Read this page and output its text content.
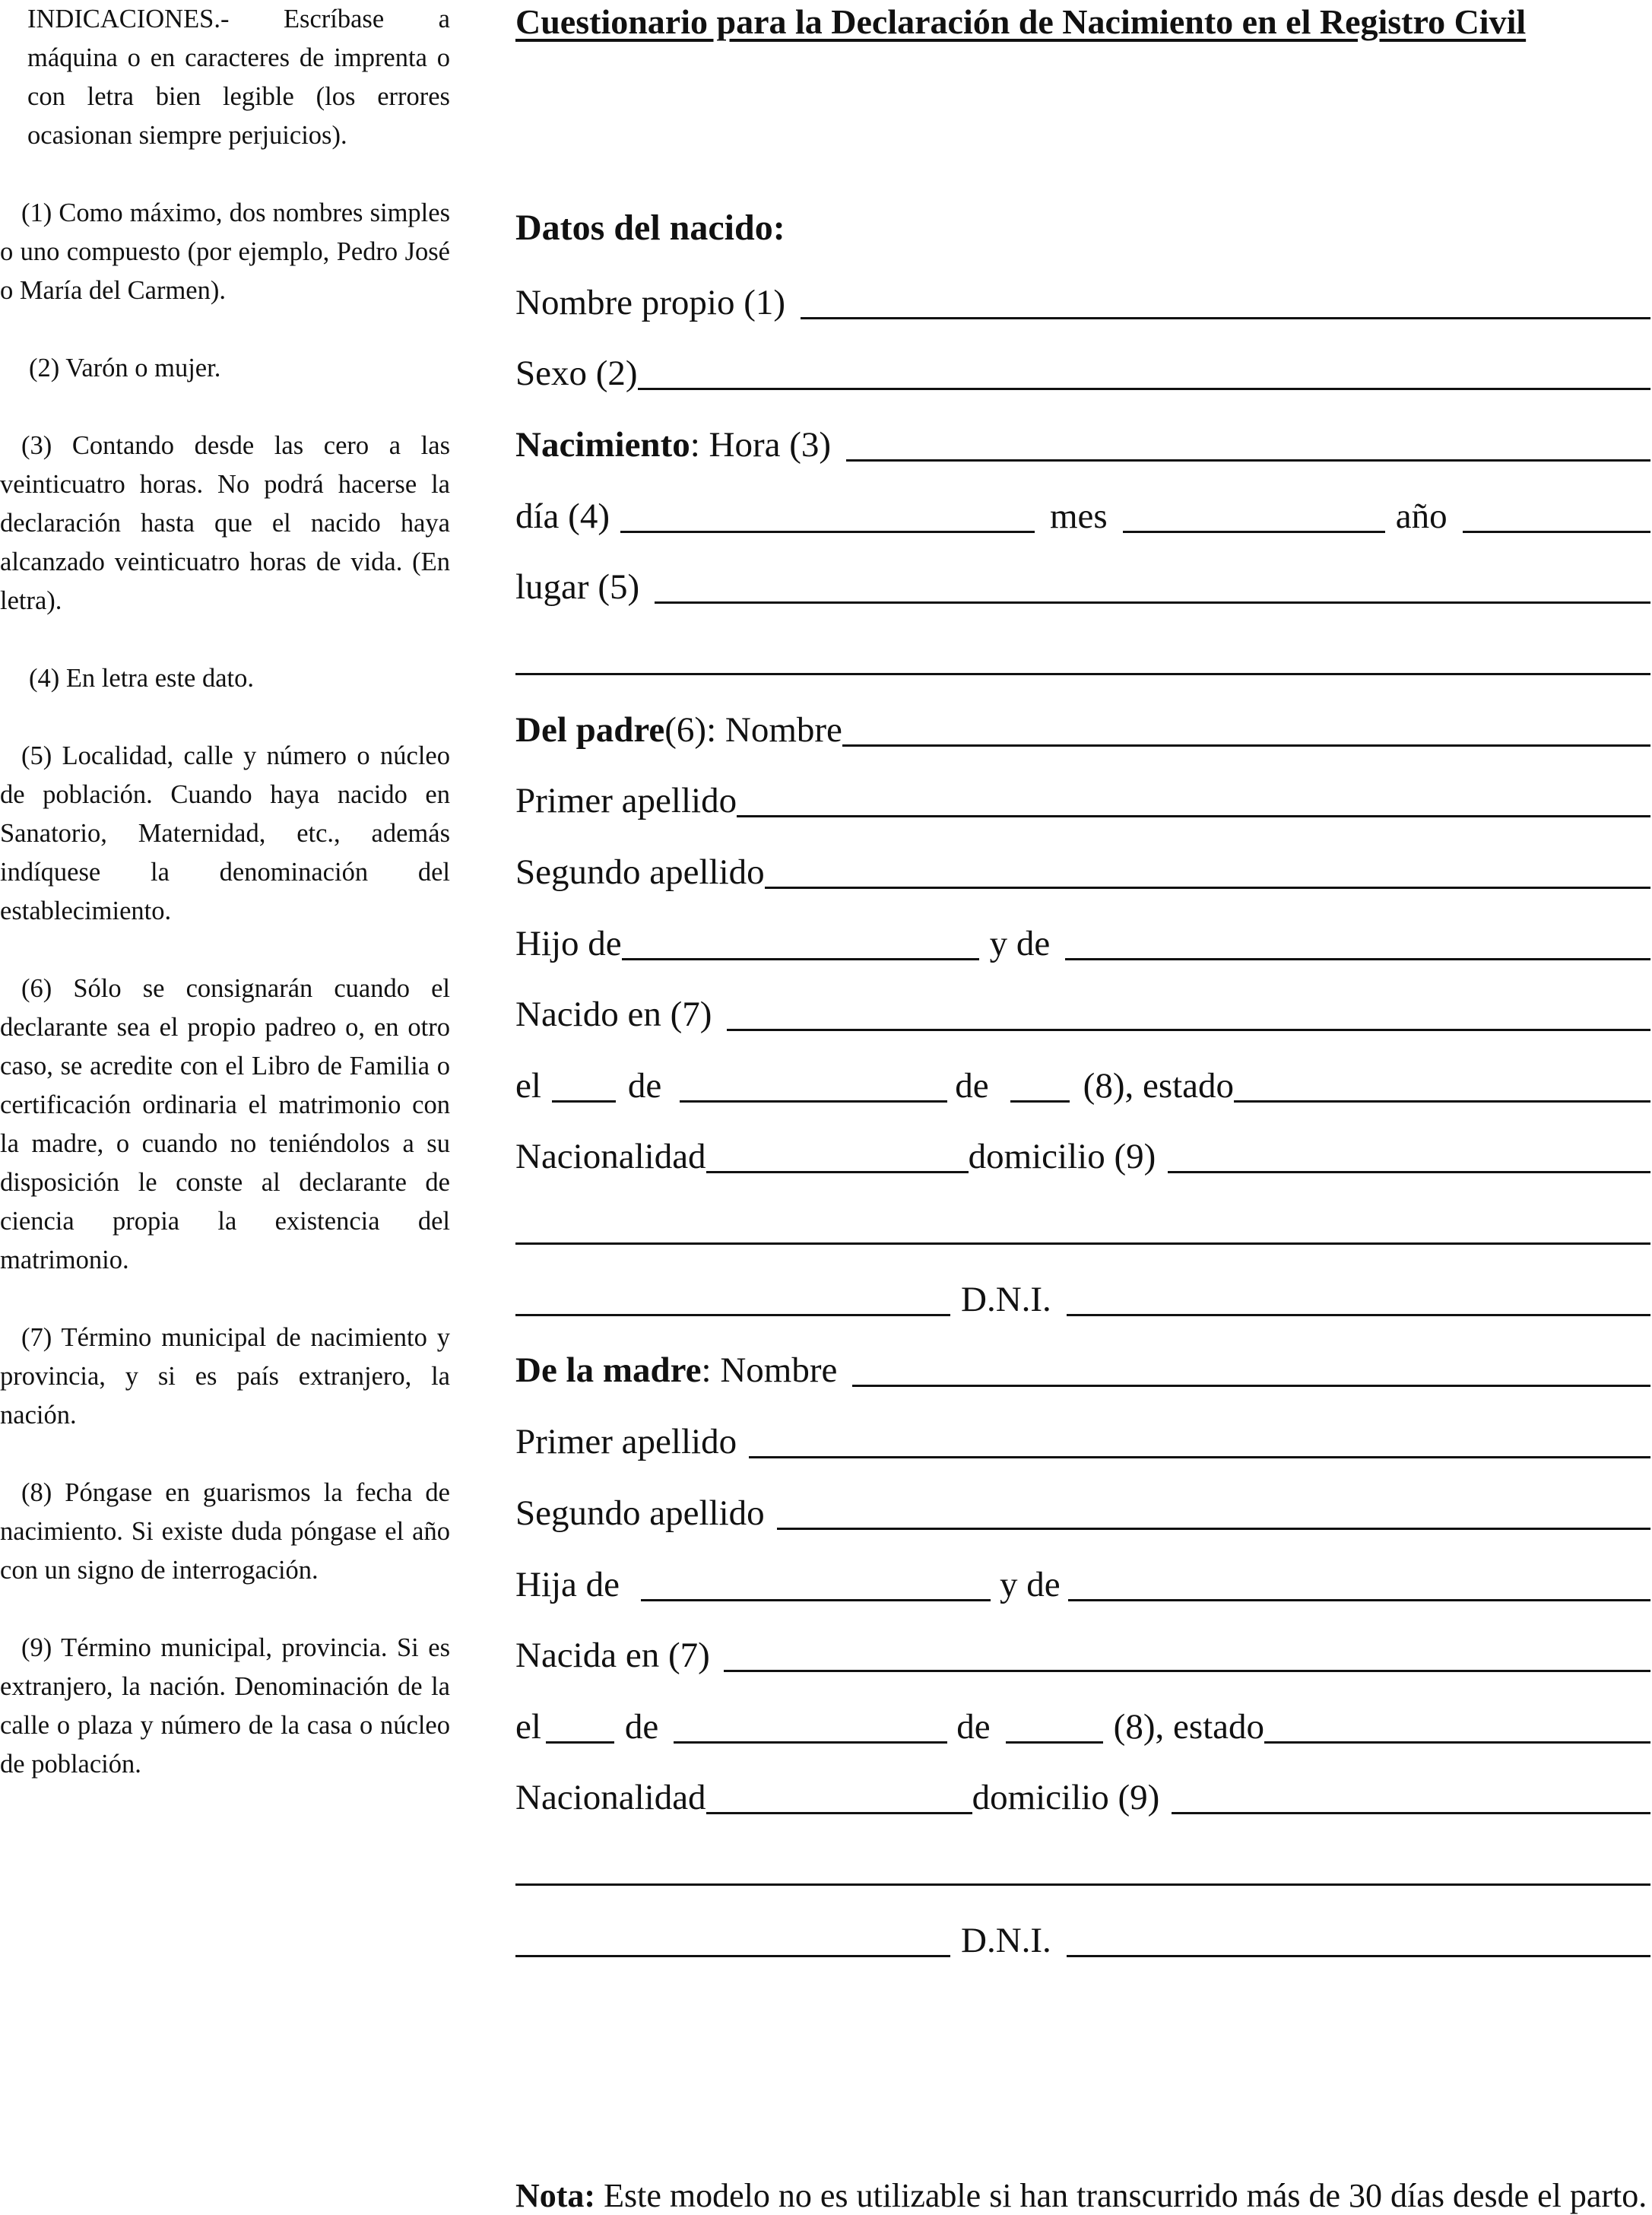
INDICACIONES.- Escríbase a máquina o en caracteres de imprenta o con letra bien legible (los errores ocasionan siempre perjuicios).
(1) Como máximo, dos nombres simples o uno compuesto (por ejemplo, Pedro José o María del Carmen).
(2) Varón o mujer.
(3) Contando desde las cero a las veinticuatro horas. No podrá hacerse la declaración hasta que el nacido haya alcanzado veinticuatro horas de vida. (En letra).
(4) En letra este dato.
(5) Localidad, calle y número o núcleo de población. Cuando haya nacido en Sanatorio, Maternidad, etc., además indíquese la denominación del establecimiento.
(6) Sólo se consignarán cuando el declarante sea el propio padreo o, en otro caso, se acredite con el Libro de Familia o certificación ordinaria el matrimonio con la madre, o cuando no teniéndolos a su disposición le conste al declarante de ciencia propia la existencia del matrimonio.
(7) Término municipal de nacimiento y provincia, y si es país extranjero, la nación.
(8) Póngase en guarismos la fecha de nacimiento. Si existe duda póngase el año con un signo de interrogación.
(9) Término municipal, provincia. Si es extranjero, la nación. Denominación de la calle o plaza y número de la casa o núcleo de población.
Cuestionario para la Declaración de Nacimiento en el Registro Civil
Datos del nacido:
Nombre propio (1)
Sexo (2)
Nacimiento : Hora (3)
día (4)	mes	año
lugar (5)
Del padre (6): Nombre
Primer apellido
Segundo apellido
Hijo de	y de
Nacido en (7)
el de	de	(8), estado
Nacionalidad	domicilio (9)
D.N.I.
De la madre : Nombre
Primer apellido
Segundo apellido
Hija de	y de
Nacida en (7)
el de	de	(8), estado
Nacionalidad	domicilio (9)
D.N.I.
Nota: Este modelo no es utilizable si han transcurrido más de 30 días desde el parto.
